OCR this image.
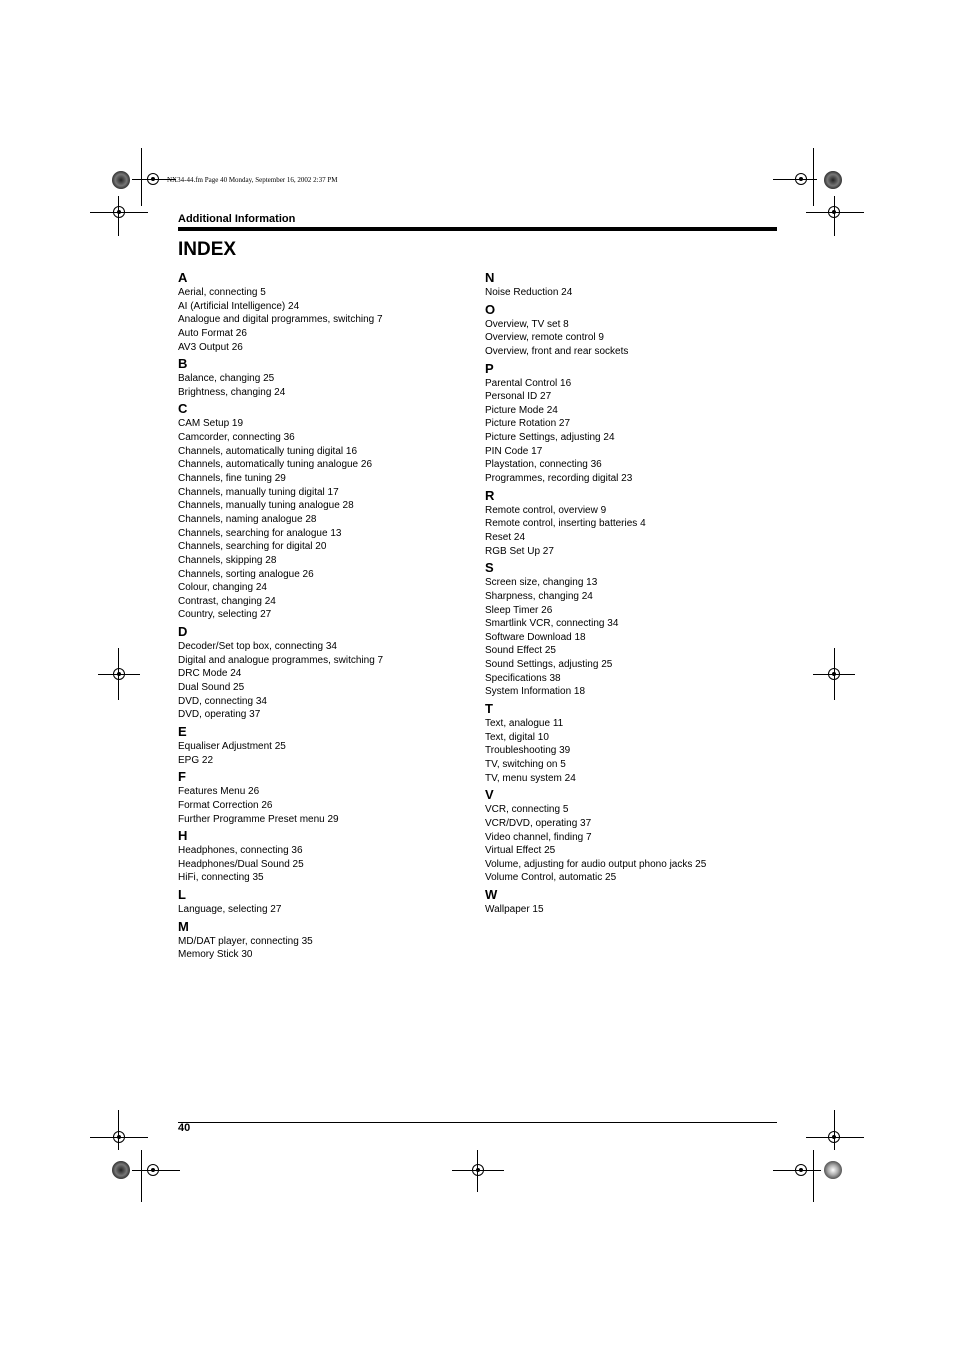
NX34-44.fm Page 40 Monday, September 16, 2002 2:37 PM
Additional Information
INDEX
A
Aerial, connecting 5
AI (Artificial Intelligence) 24
Analogue and digital programmes, switching 7
Auto Format 26
AV3 Output 26
B
Balance, changing 25
Brightness, changing 24
C
CAM Setup 19
Camcorder, connecting 36
Channels, automatically tuning digital 16
Channels, automatically tuning analogue 26
Channels, fine tuning 29
Channels, manually tuning digital 17
Channels, manually tuning analogue 28
Channels, naming analogue 28
Channels, searching for analogue 13
Channels, searching for digital 20
Channels, skipping 28
Channels, sorting analogue 26
Colour, changing 24
Contrast, changing 24
Country, selecting 27
D
Decoder/Set top box, connecting 34
Digital and analogue programmes, switching 7
DRC Mode 24
Dual Sound 25
DVD, connecting 34
DVD, operating 37
E
Equaliser Adjustment 25
EPG 22
F
Features Menu 26
Format Correction 26
Further Programme Preset menu 29
H
Headphones, connecting 36
Headphones/Dual Sound 25
HiFi, connecting 35
L
Language, selecting 27
M
MD/DAT player, connecting 35
Memory Stick 30
N
Noise Reduction 24
O
Overview, TV set 8
Overview, remote control 9
Overview, front and rear sockets
P
Parental Control 16
Personal ID 27
Picture Mode 24
Picture Rotation 27
Picture Settings, adjusting 24
PIN Code 17
Playstation, connecting 36
Programmes, recording digital 23
R
Remote control, overview 9
Remote control, inserting batteries 4
Reset 24
RGB Set Up 27
S
Screen size, changing 13
Sharpness, changing 24
Sleep Timer 26
Smartlink VCR, connecting 34
Software Download 18
Sound Effect 25
Sound Settings, adjusting 25
Specifications 38
System Information 18
T
Text, analogue 11
Text, digital 10
Troubleshooting 39
TV, switching on 5
TV, menu system 24
V
VCR, connecting 5
VCR/DVD, operating 37
Video channel, finding 7
Virtual Effect 25
Volume, adjusting for audio output phono jacks 25
Volume Control, automatic 25
W
Wallpaper 15
40
